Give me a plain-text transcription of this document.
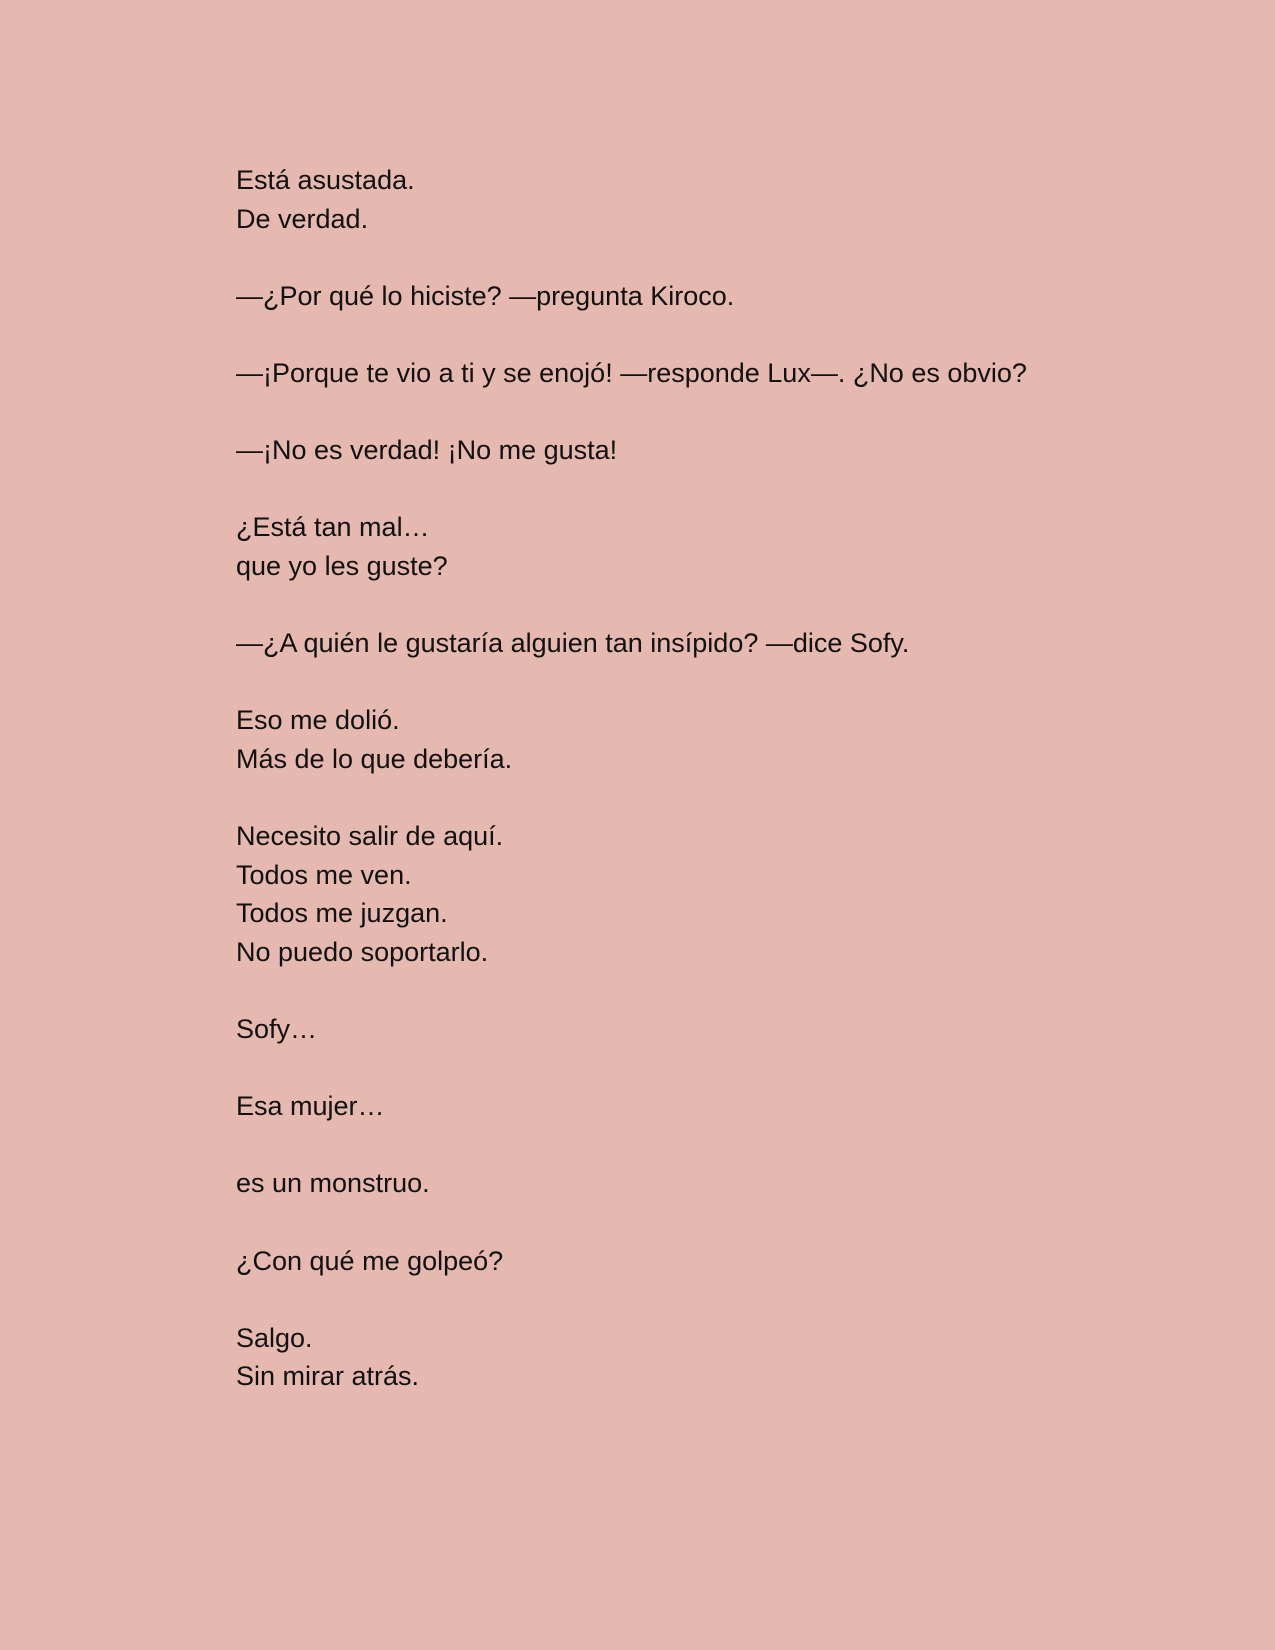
Está asustada.
De verdad.
—¿Por qué lo hiciste? —pregunta Kiroco.
—¡Porque te vio a ti y se enojó! —responde Lux—. ¿No es obvio?
—¡No es verdad! ¡No me gusta!
¿Está tan mal…
que yo les guste?
—¿A quién le gustaría alguien tan insípido? —dice Sofy.
Eso me dolió.
Más de lo que debería.
Necesito salir de aquí.
Todos me ven.
Todos me juzgan.
No puedo soportarlo.
Sofy…
Esa mujer…
es un monstruo.
¿Con qué me golpeó?
Salgo.
Sin mirar atrás.
